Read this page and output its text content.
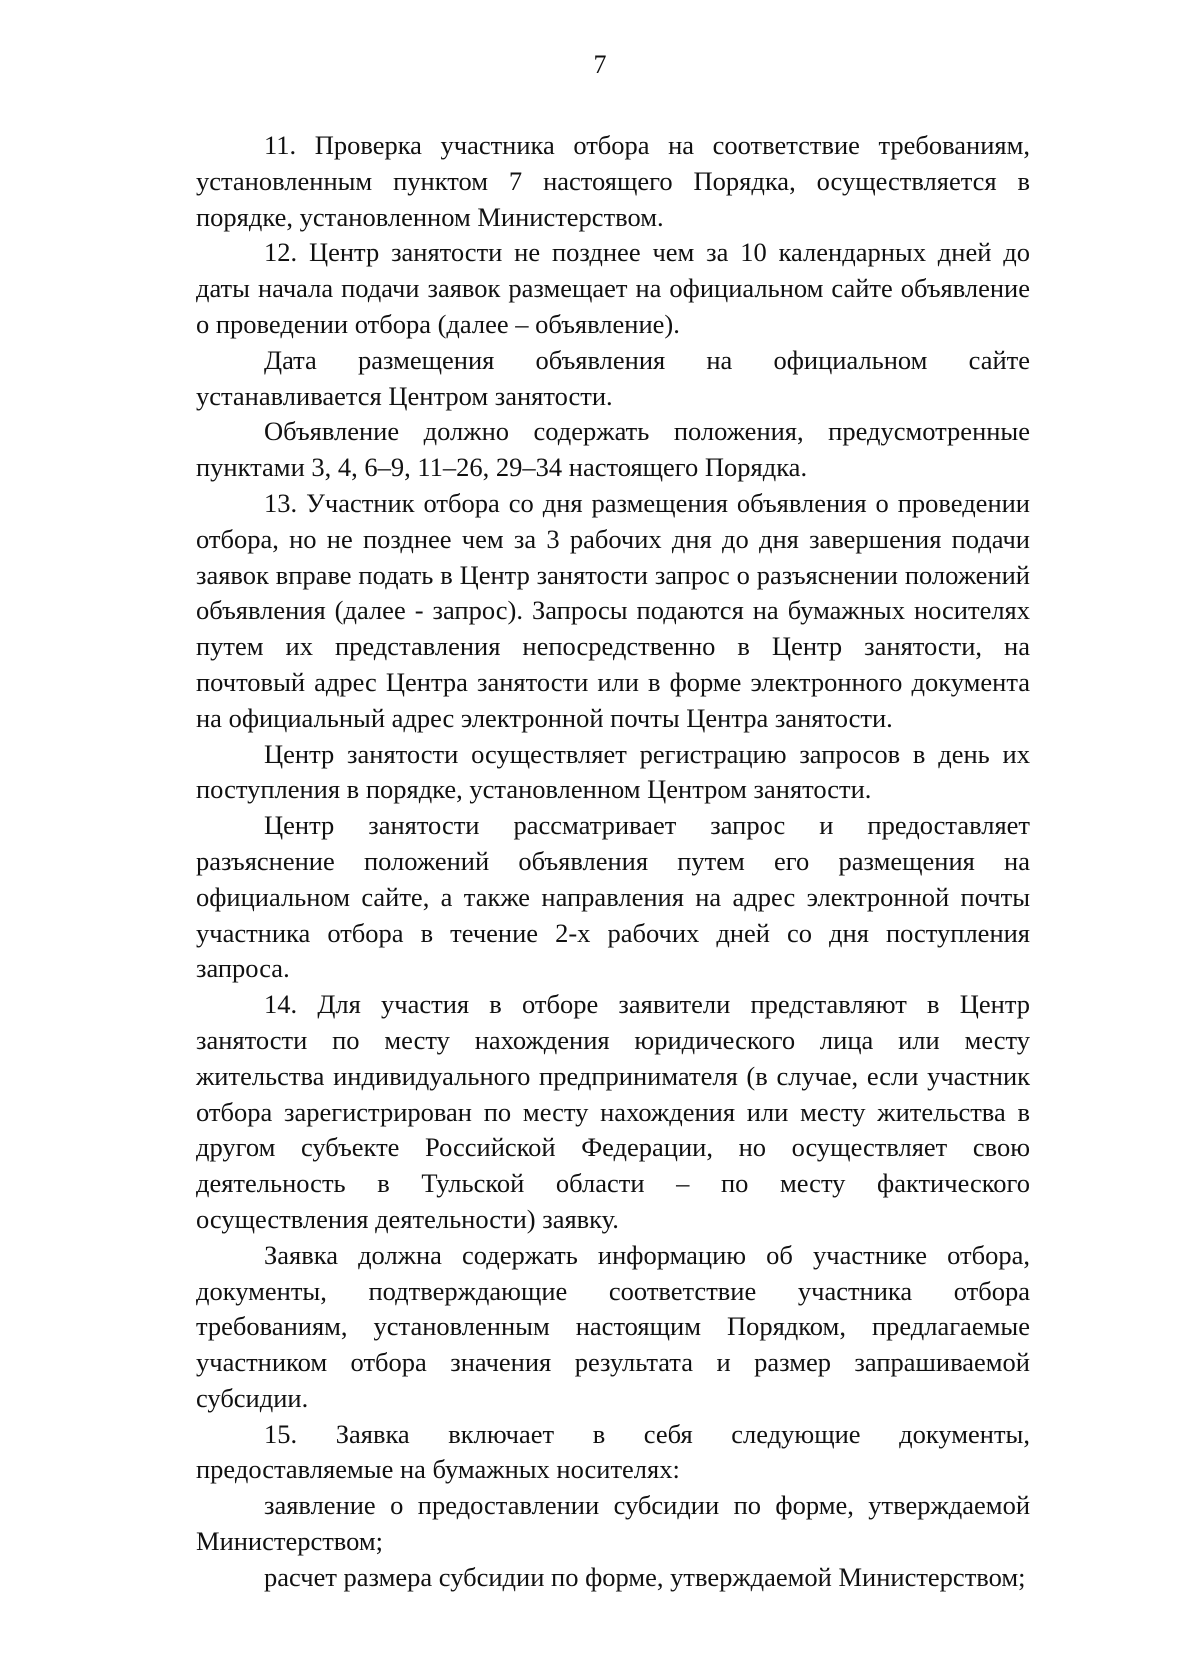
7

11. Проверка участника отбора на соответствие требованиям, установленным пунктом 7 настоящего Порядка, осуществляется в порядке, установленном Министерством.

12. Центр занятости не позднее чем за 10 календарных дней до даты начала подачи заявок размещает на официальном сайте объявление о проведении отбора (далее – объявление).

Дата размещения объявления на официальном сайте устанавливается Центром занятости.

Объявление должно содержать положения, предусмотренные пунктами 3, 4, 6–9, 11–26, 29–34 настоящего Порядка.

13. Участник отбора со дня размещения объявления о проведении отбора, но не позднее чем за 3 рабочих дня до дня завершения подачи заявок вправе подать в Центр занятости запрос о разъяснении положений объявления (далее - запрос). Запросы подаются на бумажных носителях путем их представления непосредственно в Центр занятости, на почтовый адрес Центра занятости или в форме электронного документа на официальный адрес электронной почты Центра занятости.

Центр занятости осуществляет регистрацию запросов в день их поступления в порядке, установленном Центром занятости.

Центр занятости рассматривает запрос и предоставляет разъяснение положений объявления путем его размещения на официальном сайте, а также направления на адрес электронной почты участника отбора в течение 2-х рабочих дней со дня поступления запроса.

14. Для участия в отборе заявители представляют в Центр занятости по месту нахождения юридического лица или месту жительства индивидуального предпринимателя (в случае, если участник отбора зарегистрирован по месту нахождения или месту жительства в другом субъекте Российской Федерации, но осуществляет свою деятельность в Тульской области – по месту фактического осуществления деятельности) заявку.

Заявка должна содержать информацию об участнике отбора, документы, подтверждающие соответствие участника отбора требованиям, установленным настоящим Порядком, предлагаемые участником отбора значения результата и размер запрашиваемой субсидии.

15. Заявка включает в себя следующие документы, предоставляемые на бумажных носителях:

заявление о предоставлении субсидии по форме, утверждаемой Министерством;

расчет размера субсидии по форме, утверждаемой Министерством;
